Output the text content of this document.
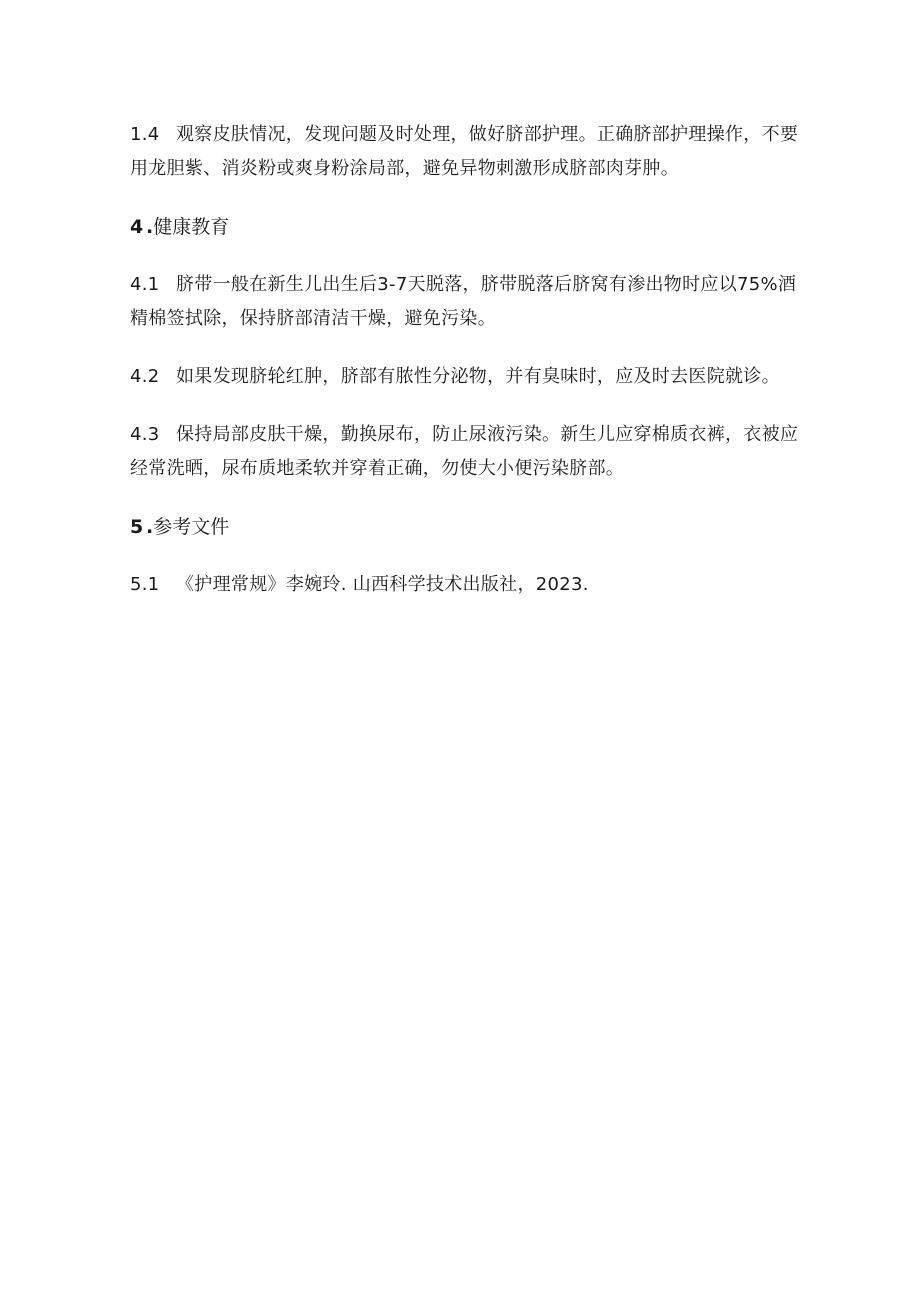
1.4 观察皮肤情况，发现问题及时处理，做好脐部护理。正确脐部护理操作，不要用龙胆紫、消炎粉或爽身粉涂局部，避免异物刺激形成脐部肉芽肿。

4 .健康教育

4.1 脐带一般在新生儿出生后3-7天脱落，脐带脱落后脐窝有渗出物时应以75%酒精棉签拭除，保持脐部清洁干燥，避免污染。

4.2 如果发现脐轮红肿，脐部有脓性分泌物，并有臭味时，应及时去医院就诊。

4.3 保持局部皮肤干燥，勤换尿布，防止尿液污染。新生儿应穿棉质衣裤，衣被应经常洗晒，尿布质地柔软并穿着正确，勿使大小便污染脐部。

5 .参考文件

5.1 《护理常规》李婉玲. 山西科学技术出版社，2023.
